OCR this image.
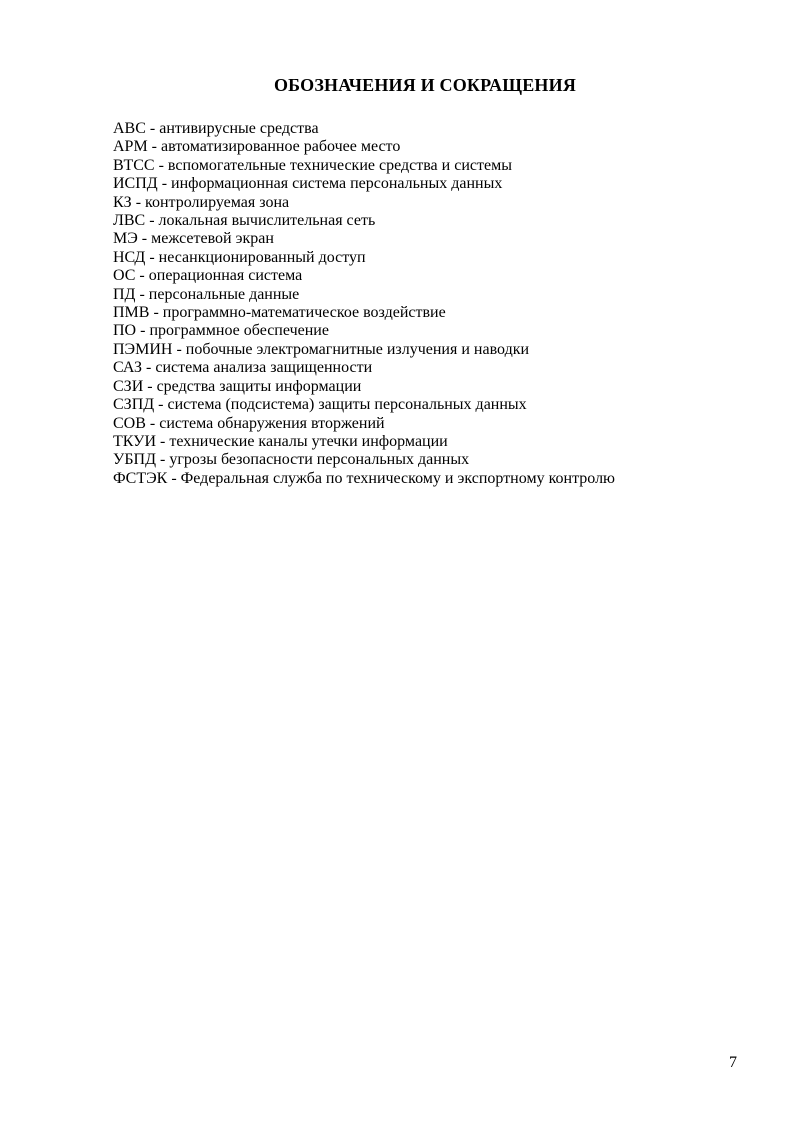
ОБОЗНАЧЕНИЯ И СОКРАЩЕНИЯ
АВС - антивирусные средства
АРМ - автоматизированное рабочее место
ВТСС - вспомогательные технические средства и системы
ИСПД - информационная система персональных данных
КЗ - контролируемая зона
ЛВС - локальная вычислительная сеть
МЭ - межсетевой экран
НСД - несанкционированный доступ
ОС - операционная система
ПД - персональные данные
ПМВ - программно-математическое воздействие
ПО - программное обеспечение
ПЭМИН - побочные электромагнитные излучения и наводки
САЗ - система анализа защищенности
СЗИ - средства защиты информации
СЗПД - система (подсистема) защиты персональных данных
СОВ - система обнаружения вторжений
ТКУИ - технические каналы утечки информации
УБПД - угрозы безопасности персональных данных
ФСТЭК - Федеральная служба по техническому и экспортному контролю
7
